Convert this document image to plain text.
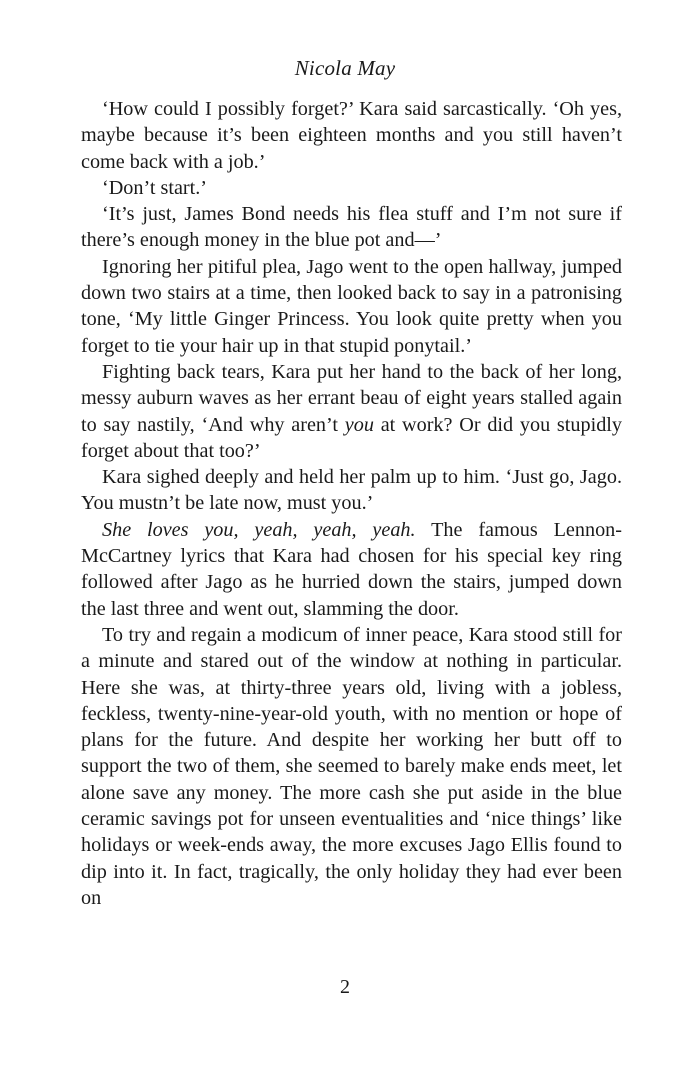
Nicola May

‘How could I possibly forget?’ Kara said sarcastically. ‘Oh yes, maybe because it’s been eighteen months and you still haven’t come back with a job.’

‘Don’t start.’

‘It’s just, James Bond needs his flea stuff and I’m not sure if there’s enough money in the blue pot and—’

Ignoring her pitiful plea, Jago went to the open hallway, jumped down two stairs at a time, then looked back to say in a patronising tone, ‘My little Ginger Princess. You look quite pretty when you forget to tie your hair up in that stupid ponytail.’

Fighting back tears, Kara put her hand to the back of her long, messy auburn waves as her errant beau of eight years stalled again to say nastily, ‘And why aren’t you at work? Or did you stupidly forget about that too?’

Kara sighed deeply and held her palm up to him. ‘Just go, Jago. You mustn’t be late now, must you.’

She loves you, yeah, yeah, yeah. The famous Lennon-McCartney lyrics that Kara had chosen for his special key ring followed after Jago as he hurried down the stairs, jumped down the last three and went out, slamming the door.

To try and regain a modicum of inner peace, Kara stood still for a minute and stared out of the window at nothing in particular. Here she was, at thirty-three years old, living with a jobless, feckless, twenty-nine-year-old youth, with no mention or hope of plans for the future. And despite her working her butt off to support the two of them, she seemed to barely make ends meet, let alone save any money. The more cash she put aside in the blue ceramic savings pot for unseen eventualities and ‘nice things’ like holidays or week-ends away, the more excuses Jago Ellis found to dip into it. In fact, tragically, the only holiday they had ever been on

2
